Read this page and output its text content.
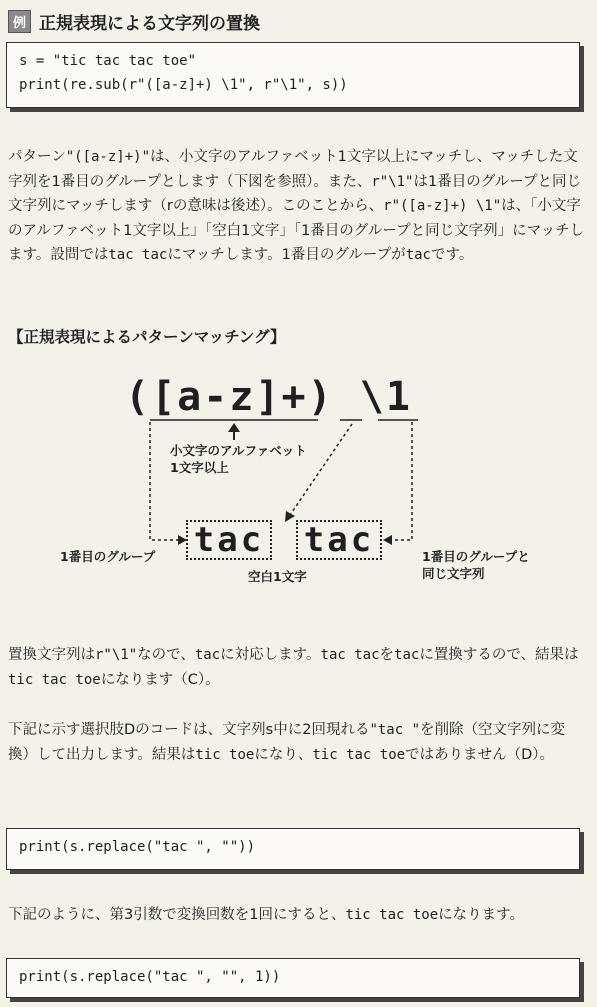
例 正規表現による文字列の置換
s = "tic tac tac toe"
print(re.sub(r"([a-z]+) \1", r"\1", s))
パターン"([a-z]+)"は、小文字のアルファベット1文字以上にマッチし、マッチした文字列を1番目のグループとします（下図を参照）。また、r"\1"は1番目のグループと同じ文字列にマッチします（rの意味は後述）。このことから、r"([a-z]+) \1"は、「小文字のアルファベット1文字以上」「空白1文字」「1番目のグループと同じ文字列」にマッチします。設問ではtac tacにマッチします。1番目のグループがtacです。
【正規表現によるパターンマッチング】
([a-z]+) \1
小文字のアルファベット
1文字以上
tac tac
1番目のグループ
空白1文字
1番目のグループと
同じ文字列
置換文字列はr"\1"なので、tacに対応します。tac tacをtacに置換するので、結果はtic tac toeになります（C）。
下記に示す選択肢Dのコードは、文字列s中に2回現れる"tac "を削除（空文字列に変換）して出力します。結果はtic toeになり、tic tac toeではありません（D）。
print(s.replace("tac ", ""))
下記のように、第3引数で変換回数を1回にすると、tic tac toeになります。
print(s.replace("tac ", "", 1))
